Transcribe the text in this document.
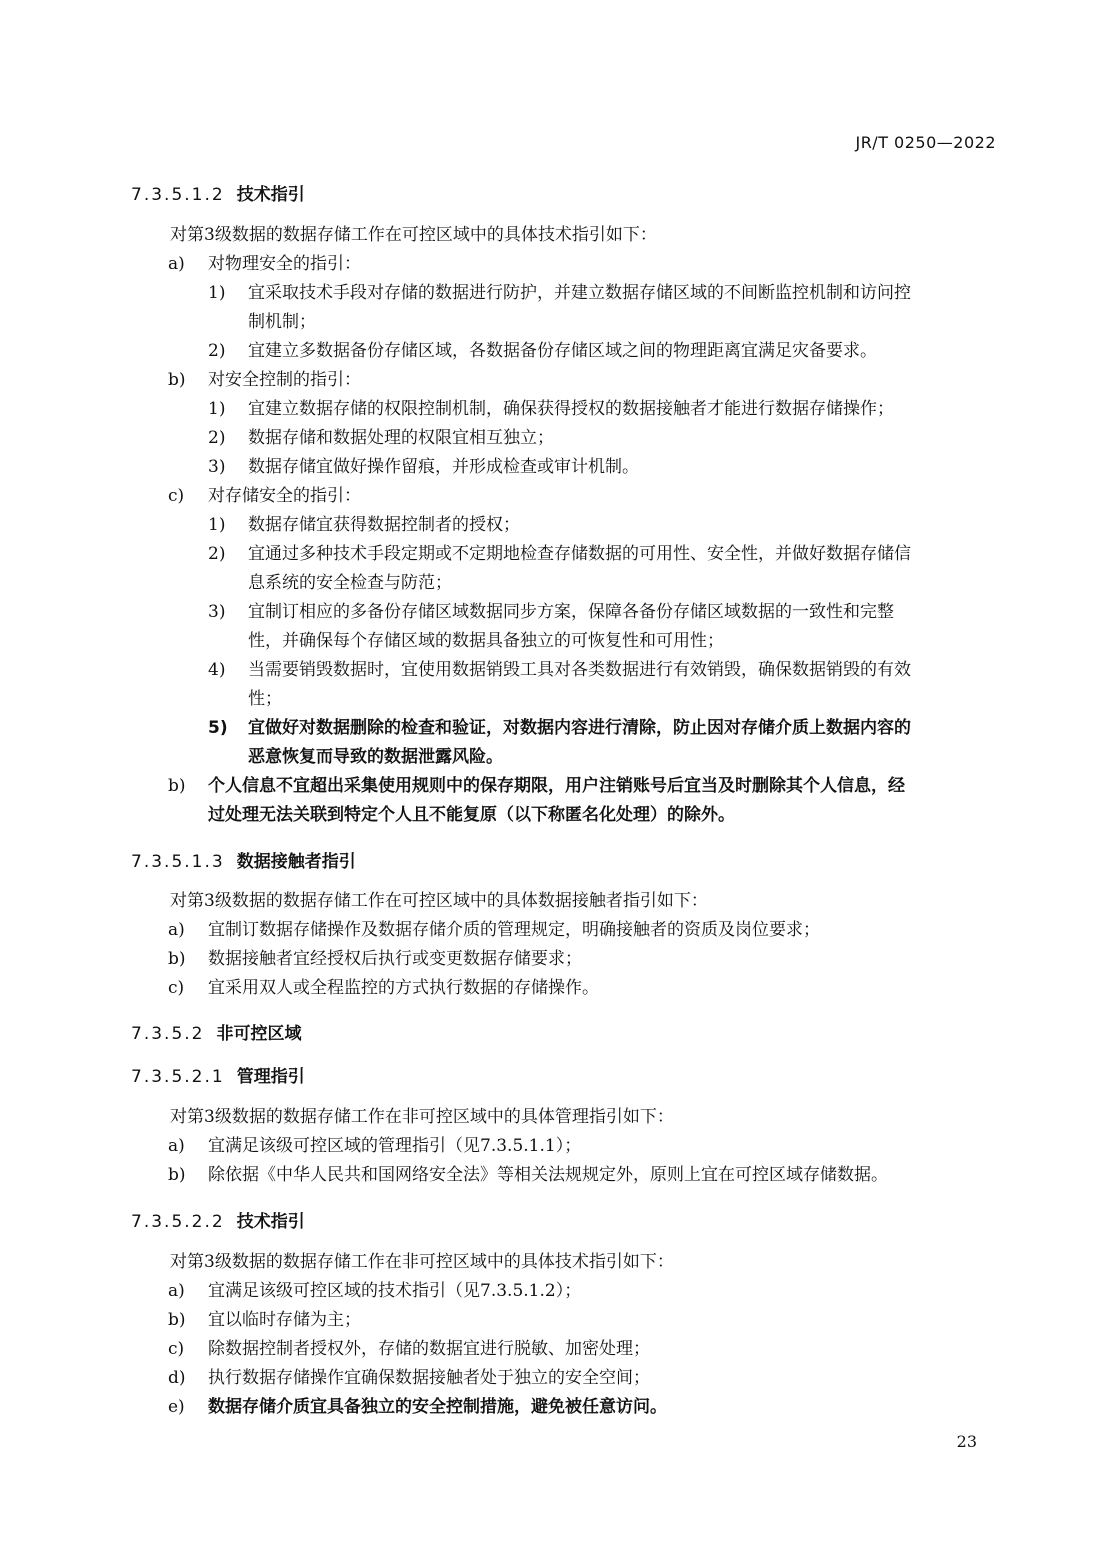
JR/T 0250—2022
7.3.5.1.2 技术指引
对第3级数据的数据存储工作在可控区域中的具体技术指引如下：
a) 对物理安全的指引：
1) 宜采取技术手段对存储的数据进行防护，并建立数据存储区域的不间断监控机制和访问控
制机制；
2) 宜建立多数据备份存储区域，各数据备份存储区域之间的物理距离宜满足灾备要求。
b) 对安全控制的指引：
1) 宜建立数据存储的权限控制机制，确保获得授权的数据接触者才能进行数据存储操作；
2) 数据存储和数据处理的权限宜相互独立；
3) 数据存储宜做好操作留痕，并形成检查或审计机制。
c) 对存储安全的指引：
1) 数据存储宜获得数据控制者的授权；
2) 宜通过多种技术手段定期或不定期地检查存储数据的可用性、安全性，并做好数据存储信
息系统的安全检查与防范；
3) 宜制订相应的多备份存储区域数据同步方案，保障各备份存储区域数据的一致性和完整
性，并确保每个存储区域的数据具备独立的可恢复性和可用性；
4) 当需要销毁数据时，宜使用数据销毁工具对各类数据进行有效销毁，确保数据销毁的有效
性；
5) 宜做好对数据删除的检查和验证，对数据内容进行清除，防止因对存储介质上数据内容的
恶意恢复而导致的数据泄露风险。
b) 个人信息不宜超出采集使用规则中的保存期限，用户注销账号后宜当及时删除其个人信息，经
过处理无法关联到特定个人且不能复原（以下称匿名化处理）的除外。
7.3.5.1.3 数据接触者指引
对第3级数据的数据存储工作在可控区域中的具体数据接触者指引如下：
a) 宜制订数据存储操作及数据存储介质的管理规定，明确接触者的资质及岗位要求；
b) 数据接触者宜经授权后执行或变更数据存储要求；
c) 宜采用双人或全程监控的方式执行数据的存储操作。
7.3.5.2 非可控区域
7.3.5.2.1 管理指引
对第3级数据的数据存储工作在非可控区域中的具体管理指引如下：
a) 宜满足该级可控区域的管理指引（见7.3.5.1.1）；
b) 除依据《中华人民共和国网络安全法》等相关法规规定外，原则上宜在可控区域存储数据。
7.3.5.2.2 技术指引
对第3级数据的数据存储工作在非可控区域中的具体技术指引如下：
a) 宜满足该级可控区域的技术指引（见7.3.5.1.2）；
b) 宜以临时存储为主；
c) 除数据控制者授权外，存储的数据宜进行脱敏、加密处理；
d) 执行数据存储操作宜确保数据接触者处于独立的安全空间；
e) 数据存储介质宜具备独立的安全控制措施，避免被任意访问。
23
